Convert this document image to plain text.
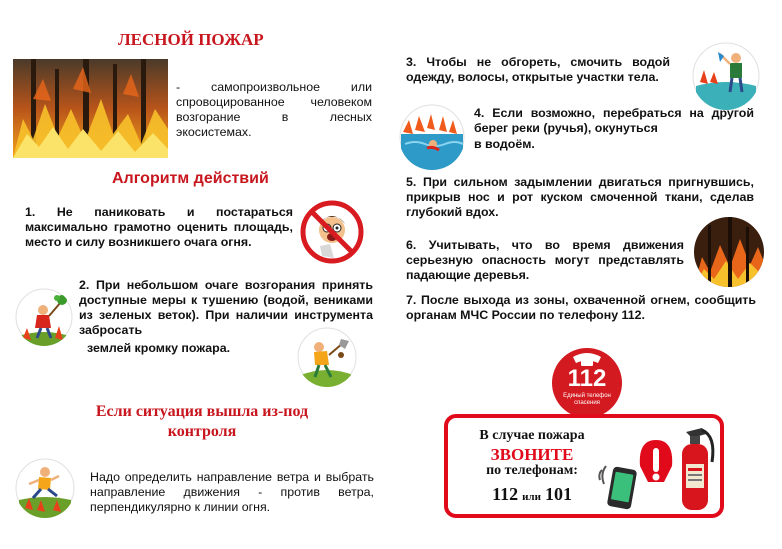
ЛЕСНОЙ ПОЖАР
- самопроизвольное или спровоцированное человеком возгорание в лесных экосистемах.
Алгоритм действий
1. Не паниковать и постараться максимально грамотно оценить площадь, место и силу возникшего очага огня.
2. При небольшом очаге возгорания принять доступные меры к тушению (водой, вениками из зеленых веток). При наличии инструмента забросать
землей кромку пожара.
Если ситуация вышла из-под
контроля
Надо определить направление ветра и выбрать направление движения - против ветра, перпендикулярно к линии огня.
3. Чтобы не обгореть, смочить водой одежду, волосы, открытые участки тела.
4. Если возможно, перебраться на другой берег реки (ручья), окунуться
в водоём.
5. При сильном задымлении двигаться пригнувшись, прикрыв нос и рот куском смоченной ткани, сделав глубокий вдох.
6. Учитывать, что во время движения серьезную опасность могут представлять падающие деревья.
7. После выхода из зоны, охваченной огнем, сообщить органам МЧС России по телефону 112.
112
Единый телефон
спасения
В случае пожара
ЗВОНИТЕ
по телефонам:
112 или 101
